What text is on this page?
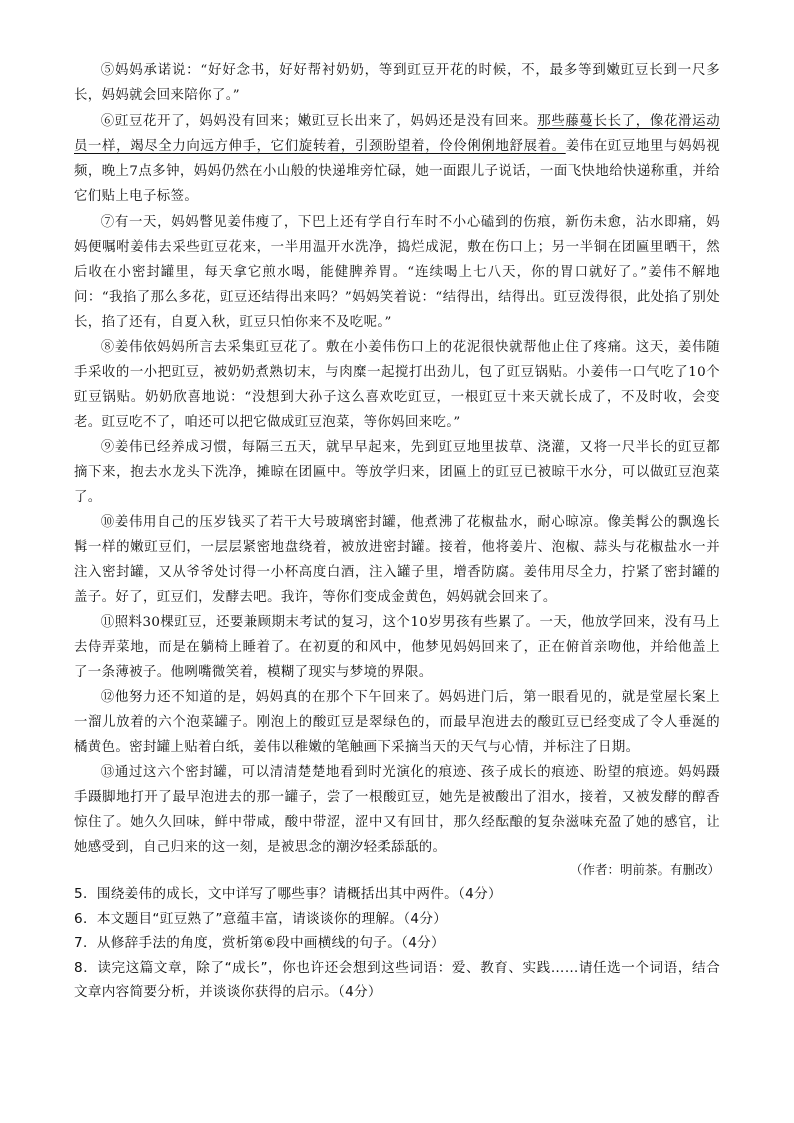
⑤妈妈承诺说：“好好念书，好好帮衬奶奶，等到豇豆开花的时候，不，最多等到嫩豇豆长到一尺多长，妈妈就会回来陪你了。”

⑥豇豆花开了，妈妈没有回来；嫩豇豆长出来了，妈妈还是没有回来。那些藤蔓长长了，像花滑运动员一样，竭尽全力向远方伸手，它们旋转着，引颈盼望着，伶伶俐俐地舒展着。姜伟在豇豆地里与妈妈视频，晚上7点多钟，妈妈仍然在小山般的快递堆旁忙碌，她一面跟儿子说话，一面飞快地给快递称重，并给它们贴上电子标签。

⑦有一天，妈妈瞥见姜伟瘦了，下巴上还有学自行车时不小心磕到的伤痕，新伤未愈，沾水即痛，妈妈便嘱咐姜伟去采些豇豆花来，一半用温开水洗净，捣烂成泥，敷在伤口上；另一半铜在团匾里晒干，然后收在小密封罐里，每天拿它煎水喝，能健脾养胃。“连续喝上七八天，你的胃口就好了。”姜伟不解地问：“我掐了那么多花，豇豆还结得出来吗？”妈妈笑着说：“结得出，结得出。豇豆泼得很，此处掐了别处长，掐了还有，自夏入秋，豇豆只怕你来不及吃呢。”

⑧姜伟依妈妈所言去采集豇豆花了。敷在小姜伟伤口上的花泥很快就帮他止住了疼痛。这天，姜伟随手采收的一小把豇豆，被奶奶煮熟切末，与肉糜一起搅打出劲儿，包了豇豆锅贴。小姜伟一口气吃了10个豇豆锅贴。奶奶欣喜地说：“没想到大孙子这么喜欢吃豇豆，一根豇豆十来天就长成了，不及时收，会变老。豇豆吃不了，咱还可以把它做成豇豆泡菜，等你妈回来吃。”

⑨姜伟已经养成习惯，每隔三五天，就早早起来，先到豇豆地里拔草、浇灌，又将一尺半长的豇豆都摘下来，抱去水龙头下洗净，摊晾在团匾中。等放学归来，团匾上的豇豆已被晾干水分，可以做豇豆泡菜了。

⑩姜伟用自己的压岁钱买了若干大号玻璃密封罐，他煮沸了花椒盐水，耐心晾凉。像美髯公的飘逸长髯一样的嫩豇豆们，一层层紧密地盘绕着，被放进密封罐。接着，他将姜片、泡椒、蒜头与花椒盐水一并注入密封罐，又从爷爷处讨得一小杯高度白酒，注入罐子里，增香防腐。姜伟用尽全力，拧紧了密封罐的盖子。好了，豇豆们，发酵去吧。我许，等你们变成金黄色，妈妈就会回来了。

⑪照料30棵豇豆，还要兼顾期末考试的复习，这个10岁男孩有些累了。一天，他放学回来，没有马上去侍弄菜地，而是在躺椅上睡着了。在初夏的和风中，他梦见妈妈回来了，正在俯首亲吻他，并给他盖上了一条薄被子。他咧嘴微笑着，模糊了现实与梦境的界限。

⑫他努力还不知道的是，妈妈真的在那个下午回来了。妈妈进门后，第一眼看见的，就是堂屋长案上一溜儿放着的六个泡菜罐子。刚泡上的酸豇豆是翠绿色的，而最早泡进去的酸豇豆已经变成了令人垂涎的橘黄色。密封罐上贴着白纸，姜伟以稚嫩的笔触画下采摘当天的天气与心情，并标注了日期。

⑬通过这六个密封罐，可以清清楚楚地看到时光演化的痕迹、孩子成长的痕迹、盼望的痕迹。妈妈蹑手蹑脚地打开了最早泡进去的那一罐子，尝了一根酸豇豆，她先是被酸出了泪水，接着，又被发酵的醇香惊住了。她久久回味，鲜中带咸，酸中带涩，涩中又有回甘，那久经酝酿的复杂滋味充盈了她的感官，让她感受到，自己归来的这一刻，是被思念的潮汐轻柔舔舐的。

（作者：明前茶。有删改）

5．围绕姜伟的成长，文中详写了哪些事？请概括出其中两件。（4分）

6．本文题目“豇豆熟了”意蕴丰富，请谈谈你的理解。（4分）

7．从修辞手法的角度，赏析第⑥段中画横线的句子。（4分）

8．读完这篇文章，除了“成长”，你也许还会想到这些词语：爱、教育、实践……请任选一个词语，结合文章内容简要分析，并谈谈你获得的启示。（4分）
